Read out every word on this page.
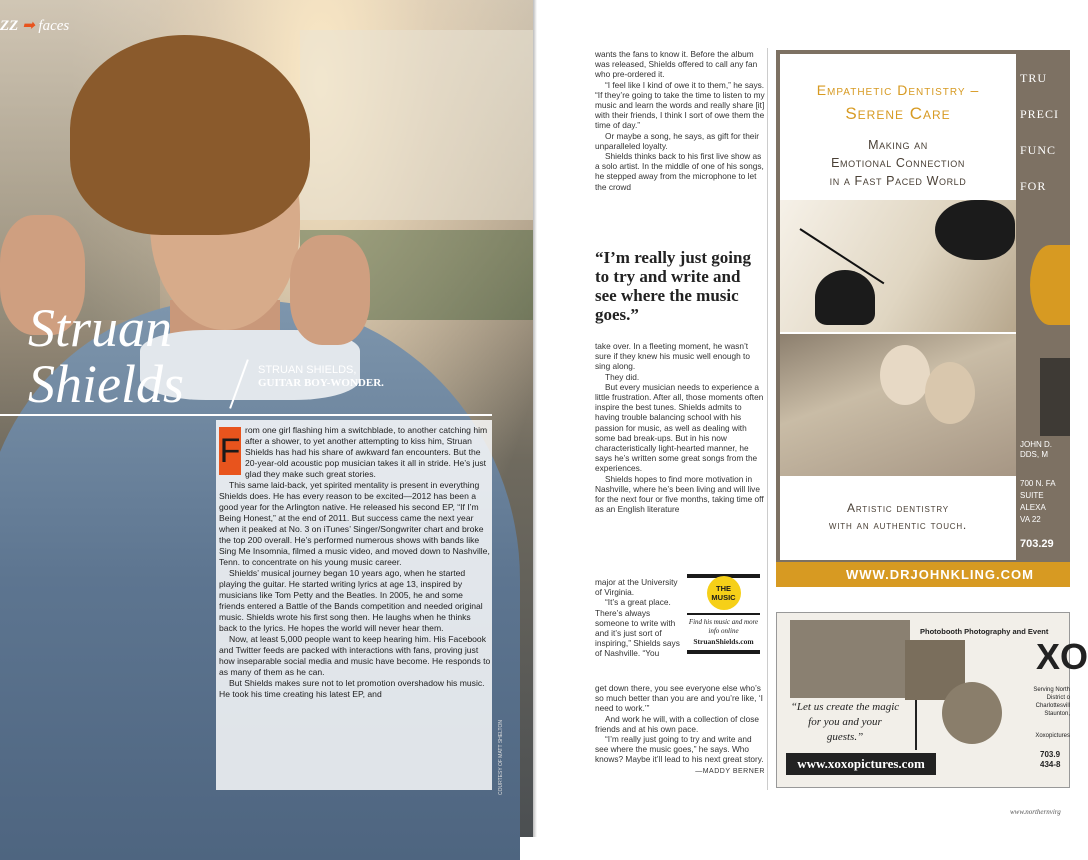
ZZ ➡ faces
Struan
Shields	STRUAN SHIELDS,
GUITAR BOY-WONDER.
F

rom one girl flashing him a switchblade, to another catching him after a shower, to yet another attempting to kiss him, Struan Shields has had his share of awkward fan encounters. But the 20-year-old acoustic pop musician takes it all in stride. He’s just glad they make such great stories.

This same laid-back, yet spirited mentality is present in everything Shields does. He has every reason to be excited—2012 has been a good year for the Arlington native. He released his second EP, “If I’m Being Honest,” at the end of 2011. But success came the next year when it peaked at No. 3 on iTunes’ Singer/Songwriter chart and broke the top 200 overall. He’s performed numerous shows with bands like Sing Me Insomnia, filmed a music video, and moved down to Nashville, Tenn. to concentrate on his young music career.

Shields’ musical journey began 10 years ago, when he started playing the guitar. He started writing lyrics at age 13, inspired by musicians like Tom Petty and the Beatles. In 2005, he and some friends entered a Battle of the Bands competition and needed original music. Shields wrote his first song then. He laughs when he thinks back to the lyrics. He hopes the world will never hear them.

Now, at least 5,000 people want to keep hearing him. His Facebook and Twitter feeds are packed with interactions with fans, proving just how inseparable social media and music have become. He responds to as many of them as he can.

But Shields makes sure not to let promotion overshadow his music. He took his time creating his latest EP, and

COURTESY OF MATT SHELTON

wants the fans to know it. Before the album was released, Shields offered to call any fan who pre-ordered it.

“I feel like I kind of owe it to them,” he says. “If they’re going to take the time to listen to my music and learn the words and really share [it] with their friends, I think I sort of owe them the time of day.”

Or maybe a song, he says, as gift for their unparalleled loyalty.

Shields thinks back to his first live show as a solo artist. In the middle of one of his songs, he stepped away from the microphone to let the crowd

“I’m really just going to try and write and see where the music goes.”

take over. In a fleeting moment, he wasn’t sure if they knew his music well enough to sing along.

They did.

But every musician needs to experience a little frustration. After all, those moments often inspire the best tunes. Shields admits to having trouble balancing school with his passion for music, as well as dealing with some bad break-ups. But in his now characteristically light-hearted manner, he says he’s written some great songs from the experiences.

Shields hopes to find more motivation in Nashville, where he’s been living and will live for the next four or five months, taking time off as an English literature

major at the University of Virginia.

“It’s a great place. There’s always someone to write with and it’s just sort of inspiring,” Shields says of Nashville. “You

get down there, you see everyone else who’s so much better than you are and you’re like, ‘I need to work.’”

And work he will, with a collection of close friends and at his own pace.

“I’m really just going to try and write and see where the music goes,” he says. Who knows? Maybe it’ll lead to his next great story.

—MADDY BERNER

THE
MUSIC
Find his music and more info online
StruanShields.com
Empathetic Dentistry –
Serene Care
Making an
Emotional Connection
in a Fast Paced World
Artistic dentistry
with an authentic touch.
WWW.DRJOHNKLING.COM
TRU
PRECI
FUNC
FOR
JOHN D.
DDS, M
700 N. FA
SUITE
ALEXA
VA 22
703.29
Photobooth Photography and Event
XO
“Let us create the magic for you and your guests.”
www.xoxopictures.com
Serving North
District o
Charlottesvill
Staunton,
Xoxopictures
703.9
434-8
www.northernvirg
